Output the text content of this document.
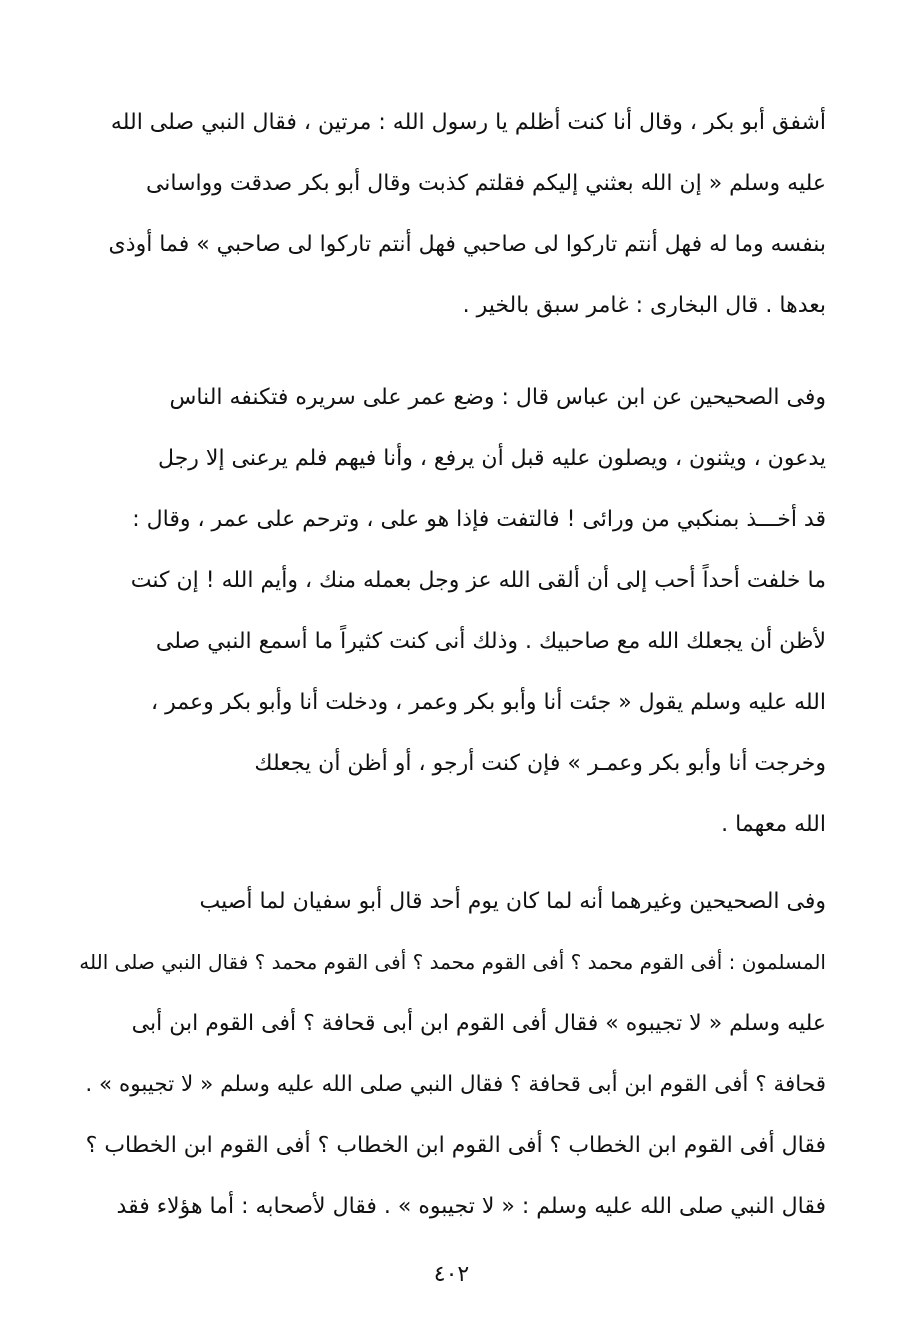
أشفق أبو بكر ، وقال أنا كنت أظلم يا رسول الله : مرتين ، فقال النبي صلى الله
عليه وسلم « إن الله بعثني إليكم فقلتم كذبت وقال أبو بكر صدقت وواسانى
بنفسه وما له فهل أنتم تاركوا لى صاحبي فهل أنتم تاركوا لى صاحبي » فما أوذى
بعدها . قال البخارى : غامر سبق بالخير .
وفى الصحيحين عن ابن عباس قال : وضع عمر على سريره فتكنفه الناس
يدعون ، ويثنون ، ويصلون عليه قبل أن يرفع ، وأنا فيهم فلم يرعنى إلا رجل
قد أخـــذ بمنكبي من ورائى ! فالتفت فإذا هو على ، وترحم على عمر ، وقال :
ما خلفت أحداً أحب إلى أن ألقى الله عز وجل بعمله منك ، وأيم الله ! إن كنت
لأظن أن يجعلك الله مع صاحبيك . وذلك أنى كنت كثيراً ما أسمع النبي صلى
الله عليه وسلم يقول « جئت أنا وأبو بكر وعمر ، ودخلت أنا وأبو بكر وعمر ،
وخرجت أنا وأبو بكر وعمـر » فإن كنت أرجو ، أو أظن أن يجعلك
الله معهما .
وفى الصحيحين وغيرهما أنه لما كان يوم أحد قال أبو سفيان لما أصيب
المسلمون : أفى القوم محمد ؟ أفى القوم محمد ؟ أفى القوم محمد ؟ فقال النبي صلى الله
عليه وسلم « لا تجيبوه » فقال أفى القوم ابن أبى قحافة ؟ أفى القوم ابن أبى
قحافة ؟ أفى القوم ابن أبى قحافة ؟ فقال النبي صلى الله عليه وسلم « لا تجيبوه » .
فقال أفى القوم ابن الخطاب ؟ أفى القوم ابن الخطاب ؟ أفى القوم ابن الخطاب ؟
فقال النبي صلى الله عليه وسلم : « لا تجيبوه » . فقال لأصحابه : أما هؤلاء فقد
٤٠٢
